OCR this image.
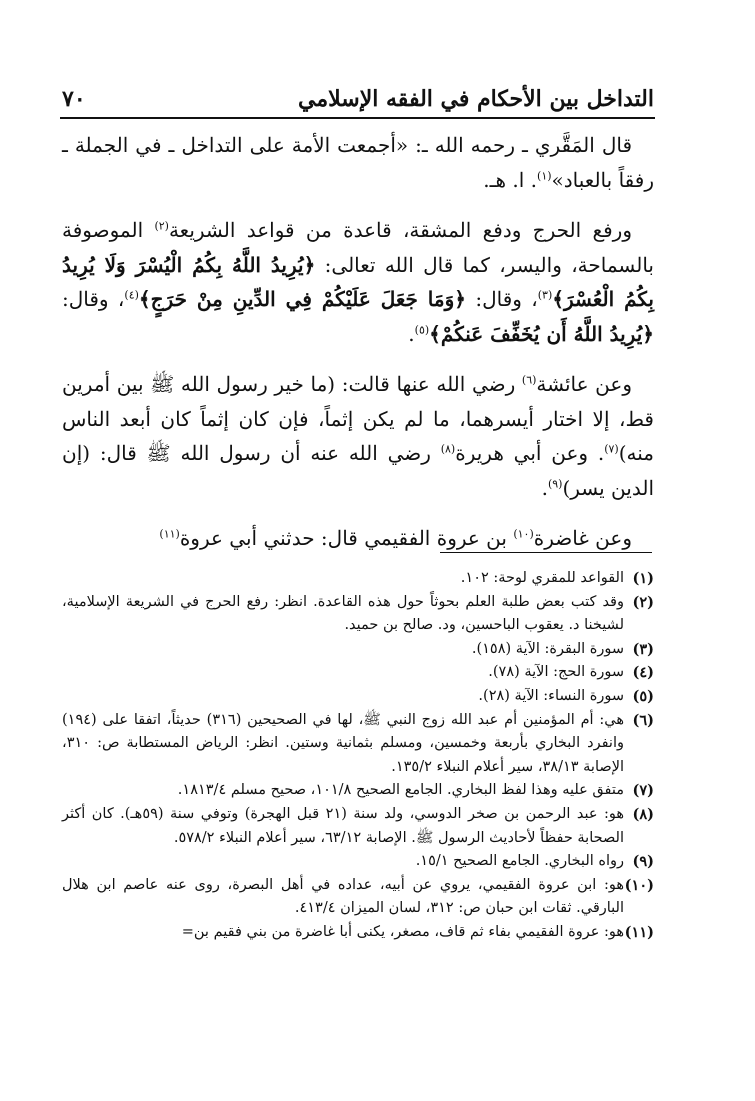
التداخل بين الأحكام في الفقه الإسلامي
٧٠

قال المَقَّري ـ رحمه الله ـ: «أجمعت الأمة على التداخل ـ في الجملة ـ رفقاً بالعباد»$^{(١)}$. ا. هـ.

ورفع الحرج ودفع المشقة، قاعدة من قواعد الشريعة$^{(٢)}$ الموصوفة بالسماحة، واليسر، كما قال الله تعالى: ﴿يُرِيدُ اللَّهُ بِكُمُ الْيُسْرَ وَلَا يُرِيدُ بِكُمُ الْعُسْرَ﴾$^{(٣)}$، وقال: ﴿وَمَا جَعَلَ عَلَيْكُمْ فِي الدِّينِ مِنْ حَرَجٍ﴾$^{(٤)}$، وقال: ﴿يُرِيدُ اللَّهُ أَن يُخَفِّفَ عَنكُمْ﴾$^{(٥)}$.

وعن عائشة$^{(٦)}$ رضي الله عنها قالت: (ما خير رسول الله ﷺ بين أمرين قط، إلا اختار أيسرهما، ما لم يكن إثماً، فإن كان إثماً كان أبعد الناس منه)$^{(٧)}$. وعن أبي هريرة$^{(٨)}$ رضي الله عنه أن رسول الله ﷺ قال: (إن الدين يسر)$^{(٩)}$.

وعن غاضرة$^{(١٠)}$ بن عروة الفقيمي قال: حدثني أبي عروة$^{(١١)}$

(١)
القواعد للمقري لوحة: ١٠٢.
(٢)
وقد كتب بعض طلبة العلم بحوثاً حول هذه القاعدة. انظر: رفع الحرج في الشريعة الإسلامية، لشيخنا د. يعقوب الباحسين، ود. صالح بن حميد.
(٣)
سورة البقرة: الآية (١٥٨).
(٤)
سورة الحج: الآية (٧٨).
(٥)
سورة النساء: الآية (٢٨).
(٦)
هي: أم المؤمنين أم عبد الله زوج النبي ﷺ، لها في الصحيحين (٣١٦) حديثاً، اتفقا على (١٩٤) وانفرد البخاري بأربعة وخمسين، ومسلم بثمانية وستين. انظر: الرياض المستطابة ص: ٣١٠، الإصابة ٣٨/١٣، سير أعلام النبلاء ١٣٥/٢.
(٧)
متفق عليه وهذا لفظ البخاري. الجامع الصحيح ١٠١/٨، صحيح مسلم ١٨١٣/٤.
(٨)
هو: عبد الرحمن بن صخر الدوسي، ولد سنة (٢١ قبل الهجرة) وتوفي سنة (٥٩هـ). كان أكثر الصحابة حفظاً لأحاديث الرسول ﷺ. الإصابة ٦٣/١٢، سير أعلام النبلاء ٥٧٨/٢.
(٩)
رواه البخاري. الجامع الصحيح ١٥/١.
(١٠)
هو: ابن عروة الفقيمي، يروي عن أبيه، عداده في أهل البصرة، روى عنه عاصم ابن هلال البارقي. ثقات ابن حبان ص: ٣١٢، لسان الميزان ٤١٣/٤.
(١١)
هو: عروة الفقيمي بفاء ثم قاف، مصغر، يكنى أبا غاضرة من بني فقيم بن=
